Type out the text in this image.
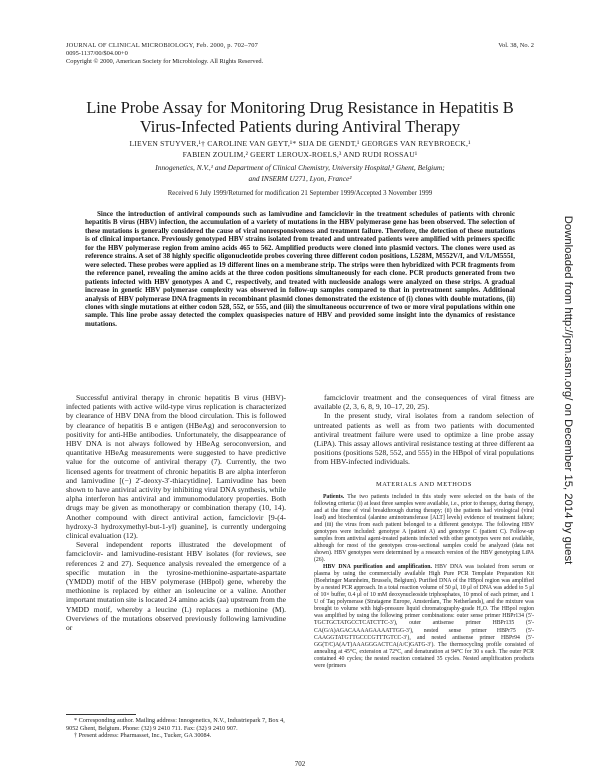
JOURNAL OF CLINICAL MICROBIOLOGY, Feb. 2000, p. 702–707
0095-1137/00/$04.00+0
Copyright © 2000, American Society for Microbiology. All Rights Reserved.
Vol. 38, No. 2
Line Probe Assay for Monitoring Drug Resistance in Hepatitis B Virus-Infected Patients during Antiviral Therapy
LIEVEN STUYVER,¹† CAROLINE VAN GEYT,¹* SIJA DE GENDT,¹ GEORGES VAN REYBROECK,¹
FABIEN ZOULIM,² GEERT LEROUX-ROELS,³ AND RUDI ROSSAU¹
Innogenetics, N.V.,¹ and Department of Clinical Chemistry, University Hospital,³ Ghent, Belgium;
and INSERM U271, Lyon, France²
Received 6 July 1999/Returned for modification 21 September 1999/Accepted 3 November 1999

Since the introduction of antiviral compounds such as lamivudine and famciclovir in the treatment schedules of patients with chronic hepatitis B virus (HBV) infection, the accumulation of a variety of mutations in the HBV polymerase gene has been observed. The selection of these mutations is generally considered the cause of viral nonresponsiveness and treatment failure. Therefore, the detection of these mutations is of clinical importance. Previously genotyped HBV strains isolated from treated and untreated patients were amplified with primers specific for the HBV polymerase region from amino acids 465 to 562. Amplified products were cloned into plasmid vectors. The clones were used as reference strains. A set of 38 highly specific oligonucleotide probes covering three different codon positions, L528M, M552V/I, and V/L/M555I, were selected. These probes were applied as 19 different lines on a membrane strip. The strips were then hybridized with PCR fragments from the reference panel, revealing the amino acids at the three codon positions simultaneously for each clone. PCR products generated from two patients infected with HBV genotypes A and C, respectively, and treated with nucleoside analogs were analyzed on these strips. A gradual increase in genetic HBV polymerase complexity was observed in follow-up samples compared to that in pretreatment samples. Additional analysis of HBV polymerase DNA fragments in recombinant plasmid clones demonstrated the existence of (i) clones with double mutations, (ii) clones with single mutations at either codon 528, 552, or 555, and (iii) the simultaneous occurrence of two or more viral populations within one sample. This line probe assay detected the complex quasispecies nature of HBV and provided some insight into the dynamics of resistance mutations.

Successful antiviral therapy in chronic hepatitis B virus (HBV)-infected patients with active wild-type virus replication is characterized by clearance of HBV DNA from the blood circulation. This is followed by clearance of hepatitis B e antigen (HBeAg) and seroconversion to positivity for anti-HBe antibodies. Unfortunately, the disappearance of HBV DNA is not always followed by HBeAg seroconversion, and quantitative HBeAg measurements were suggested to have predictive value for the outcome of antiviral therapy (7). Currently, the two licensed agents for treatment of chronic hepatitis B are alpha interferon and lamivudine [(−) 2′-deoxy-3′-thiacytidine]. Lamivudine has been shown to have antiviral activity by inhibiting viral DNA synthesis, while alpha interferon has antiviral and immunomodulatory properties. Both drugs may be given as monotherapy or combination therapy (10, 14). Another compound with direct antiviral action, famciclovir [9-(4-hydroxy-3 hydroxymethyl-but-1-yl) guanine], is currently undergoing clinical evaluation (12).

Several independent reports illustrated the development of famciclovir- and lamivudine-resistant HBV isolates (for reviews, see references 2 and 27). Sequence analysis revealed the emergence of a specific mutation in the tyrosine-methionine-aspartate-aspartate (YMDD) motif of the HBV polymerase (HBpol) gene, whereby the methionine is replaced by either an isoleucine or a valine. Another important mutation site is located 24 amino acids (aa) upstream from the YMDD motif, whereby a leucine (L) replaces a methionine (M). Overviews of the mutations observed previously following lamivudine or

* Corresponding author. Mailing address: Innogenetics, N.V., Industriepark 7, Box 4, 9052 Ghent, Belgium. Phone: (32) 9 2410 711. Fax: (32) 9 2410 907.

† Present address: Pharmasset, Inc., Tucker, GA 30084.

famciclovir treatment and the consequences of viral fitness are available (2, 3, 6, 8, 9, 10–17, 20, 25).

In the present study, viral isolates from a random selection of untreated patients as well as from two patients with documented antiviral treatment failure were used to optimize a line probe assay (LiPA). This assay allows antiviral resistance testing at three different aa positions (positions 528, 552, and 555) in the HBpol of viral populations from HBV-infected individuals.

MATERIALS AND METHODS

Patients. The two patients included in this study were selected on the basis of the following criteria: (i) at least three samples were available, i.e., prior to therapy, during therapy, and at the time of viral breakthrough during therapy; (ii) the patients had virological (viral load) and biochemical (alanine aminotransferase [ALT] levels) evidence of treatment failure; and (iii) the virus from each patient belonged to a different genotype. The following HBV genotypes were included: genotype A (patient A) and genotype C (patient C). Follow-up samples from antiviral agent-treated patients infected with other genotypes were not available, although for most of the genotypes cross-sectional samples could be analyzed (data not shown). HBV genotypes were determined by a research version of the HBV genotyping LiPA (26).

HBV DNA purification and amplification. HBV DNA was isolated from serum or plasma by using the commercially available High Pure PCR Template Preparation Kit (Boehringer Mannheim, Brussels, Belgium). Purified DNA of the HBpol region was amplified by a nested PCR approach. In a total reaction volume of 50 μl, 10 μl of DNA was added to 5 μl of 10× buffer, 0.4 μl of 10 mM deoxynucleoside triphosphates, 10 pmol of each primer, and 1 U of Taq polymerase (Stratagene Europe, Amsterdam, The Netherlands), and the mixture was brought to volume with high-pressure liquid chromatography-grade H₂O. The HBpol region was amplified by using the following primer combinations: outer sense primer HBPr134 (5′-TGCTGCTATGCCTCATCTTC-3′), outer antisense primer HBPr135 (5′-CA(G/A)AGACAAAAGAAAATTGG-3′), nested sense primer HBPr75 (5′-CAAGGTATGTTGCCCGTTTGTCC-3′), and nested antisense primer HBPr94 (5′-GG(T/C)A(A/T)AAAGGGACTCA(A/C)GATG-3′). The thermocycling profile consisted of annealing at 45°C, extension at 72°C, and denaturation at 94°C for 30 s each. The outer PCR contained 40 cycles; the nested reaction contained 35 cycles. Nested amplification products were (primers

702
Downloaded from http://jcm.asm.org/ on December 15, 2014 by guest
